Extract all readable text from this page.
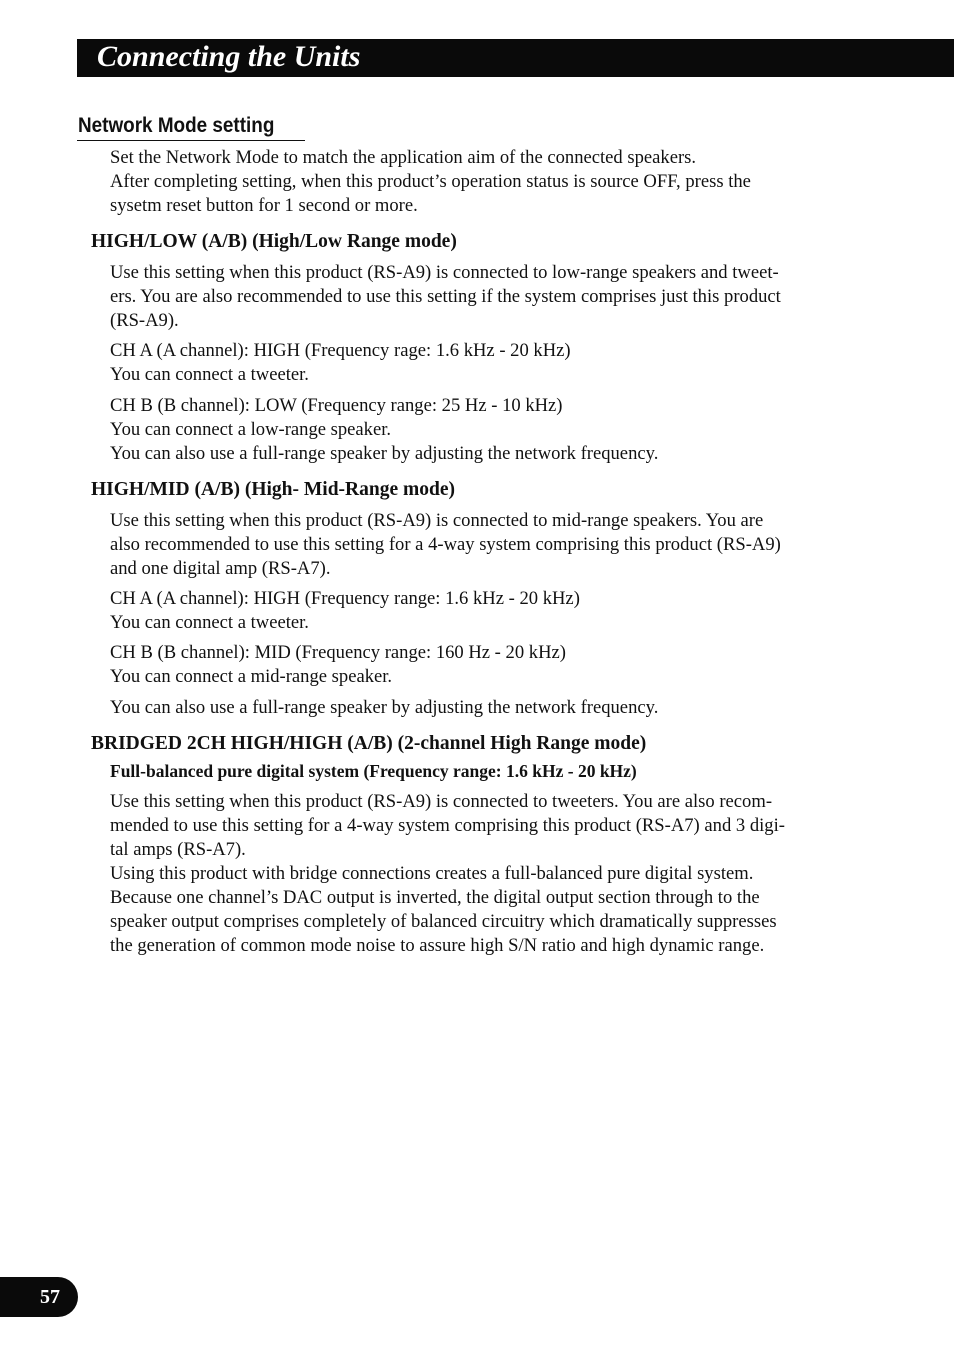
Connecting the Units
Network Mode setting
Set the Network Mode to match the application aim of the connected speakers.
After completing setting, when this product’s operation status is source OFF, press the
sysetm reset button for 1 second or more.
HIGH/LOW (A/B) (High/Low Range mode)
Use this setting when this product (RS-A9) is connected to low-range speakers and tweet-
ers. You are also recommended to use this setting if the system comprises just this product
(RS-A9).
CH A (A channel): HIGH (Frequency rage: 1.6 kHz - 20 kHz)
You can connect a tweeter.
CH B (B channel): LOW (Frequency range: 25 Hz - 10 kHz)
You can connect a low-range speaker.
You can also use a full-range speaker by adjusting the network frequency.
HIGH/MID (A/B) (High- Mid-Range mode)
Use this setting when this product (RS-A9) is connected to mid-range speakers. You are
also recommended to use this setting for a 4-way system comprising this product (RS-A9)
and one digital amp (RS-A7).
CH A (A channel): HIGH (Frequency range: 1.6 kHz - 20 kHz)
You can connect a tweeter.
CH B (B channel): MID (Frequency range: 160 Hz - 20 kHz)
You can connect a mid-range speaker.
You can also use a full-range speaker by adjusting the network frequency.
BRIDGED 2CH HIGH/HIGH (A/B) (2-channel High Range mode)
Full-balanced pure digital system (Frequency range: 1.6 kHz - 20 kHz)
Use this setting when this product (RS-A9) is connected to tweeters. You are also recom-
mended to use this setting for a 4-way system comprising this product (RS-A7) and 3 digi-
tal amps (RS-A7).
Using this product with bridge connections creates a full-balanced pure digital system.
Because one channel’s DAC output is inverted, the digital output section through to the
speaker output comprises completely of balanced circuitry which dramatically suppresses
the generation of common mode noise to assure high S/N ratio and high dynamic range.
57
